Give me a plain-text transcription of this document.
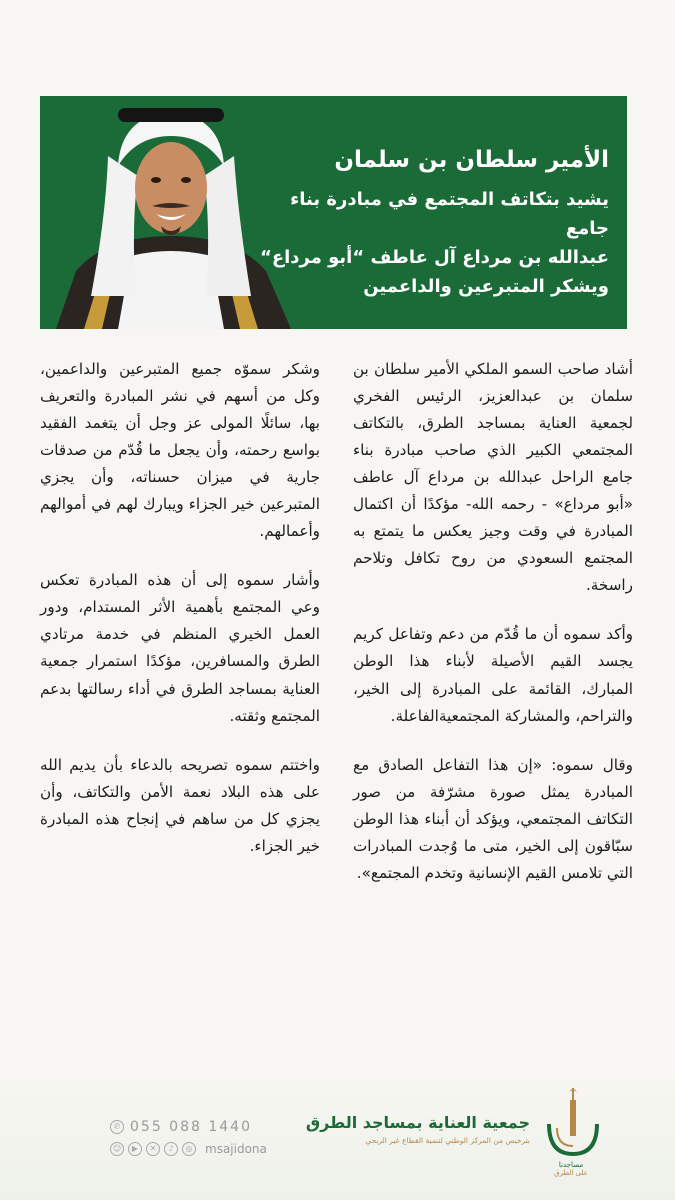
الأمير سلطان بن سلمان

يشيد بتكاتف المجتمع في مبادرة بناء جامع
عبدالله بن مرداع آل عاطف “أبو مرداع“
ويشكر المتبرعين والداعمين

أشاد صاحب السمو الملكي الأمير سلطان بن سلمان بن عبدالعزيز، الرئيس الفخري لجمعية العناية بمساجد الطرق، بالتكاتف المجتمعي الكبير الذي صاحب مبادرة بناء جامع الراحل عبدالله بن مرداع آل عاطف «أبو مرداع» - رحمه الله- مؤكدًا أن اكتمال المبادرة في وقت وجيز يعكس ما يتمتع به المجتمع السعودي من روح تكافل وتلاحم راسخة.

وأكد سموه أن ما قُدّم من دعم وتفاعل كريم يجسد القيم الأصيلة لأبناء هذا الوطن المبارك، القائمة على المبادرة إلى الخير، والتراحم، والمشاركة المجتمعيةالفاعلة.

وقال سموه: «إن هذا التفاعل الصادق مع المبادرة يمثل صورة مشرّفة من صور التكاتف المجتمعي، ويؤكد أن أبناء هذا الوطن سبّاقون إلى الخير، متى ما وُجدت المبادرات التي تلامس القيم الإنسانية وتخدم المجتمع».

وشكر سموّه جميع المتبرعين والداعمين، وكل من أسهم في نشر المبادرة والتعريف بها، سائلًا المولى عز وجل أن يتغمد الفقيد بواسع رحمته، وأن يجعل ما قُدّم من صدقات جارية في ميزان حسناته، وأن يجزي المتبرعين خير الجزاء ويبارك لهم في أموالهم وأعمالهم.

وأشار سموه إلى أن هذه المبادرة تعكس وعي المجتمع بأهمية الأثر المستدام، ودور العمل الخيري المنظم في خدمة مرتادي الطرق والمسافرين، مؤكدًا استمرار جمعية العناية بمساجد الطرق في أداء رسالتها بدعم المجتمع وثقته.

واختتم سموه تصريحه بالدعاء بأن يديم الله على هذه البلاد نعمة الأمن والتكاتف، وأن يجزي كل من ساهم في إنجاح هذه المبادرة خير الجزاء.

مساجدنا
على الطرق
جمعية العناية بمساجد الطرق
بترخيص من المركز الوطني لتنمية القطاع غير الربحي
✆ 055 088 1440
☺	▶	✕	♪	◎ msajidona
